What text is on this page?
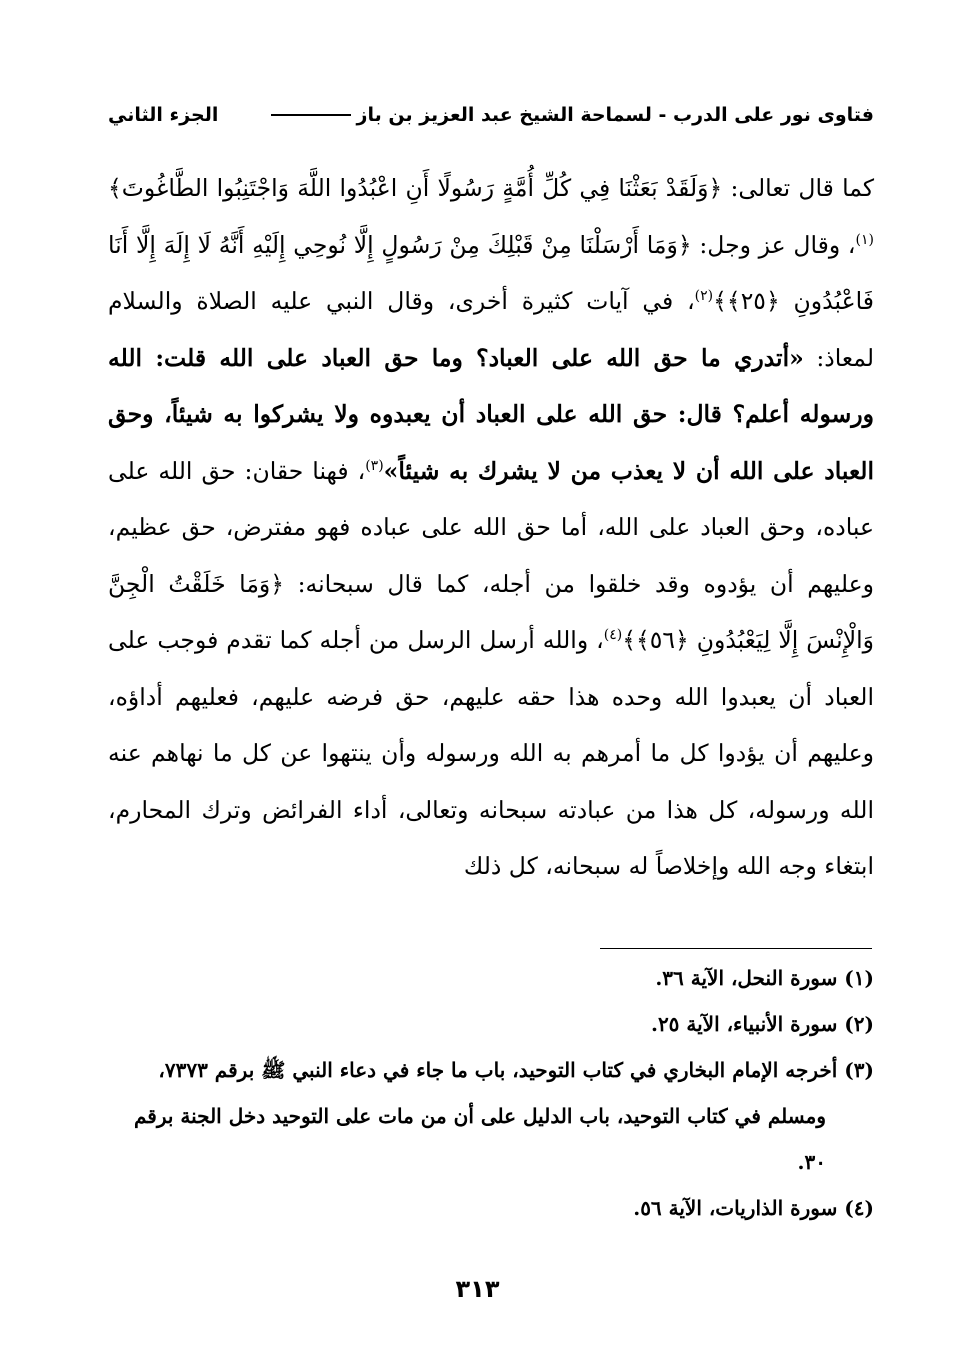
فتاوى نور على الدرب - لسماحة الشيخ عبد العزيز بن باز
الجزء الثاني

كما قال تعالى: ﴿وَلَقَدْ بَعَثْنَا فِي كُلِّ أُمَّةٍ رَسُولًا أَنِ اعْبُدُوا اللَّهَ وَاجْتَنِبُوا الطَّاغُوتَ﴾$^{(١)}$، وقال عز وجل: ﴿وَمَا أَرْسَلْنَا مِنْ قَبْلِكَ مِنْ رَسُولٍ إِلَّا نُوحِي إِلَيْهِ أَنَّهُ لَا إِلَهَ إِلَّا أَنَا فَاعْبُدُونِ ﴿٢٥﴾﴾$^{(٢)}$، في آيات كثيرة أخرى، وقال النبي عليه الصلاة والسلام لمعاذ: «أتدري ما حق الله على العباد؟ وما حق العباد على الله قلت: الله ورسوله أعلم؟ قال: حق الله على العباد أن يعبدوه ولا يشركوا به شيئاً، وحق العباد على الله أن لا يعذب من لا يشرك به شيئاً»$^{(٣)}$، فهنا حقان: حق الله على عباده، وحق العباد على الله، أما حق الله على عباده فهو مفترض، حق عظيم، وعليهم أن يؤدوه وقد خلقوا من أجله، كما قال سبحانه: ﴿وَمَا خَلَقْتُ الْجِنَّ وَالْإِنْسَ إِلَّا لِيَعْبُدُونِ ﴿٥٦﴾﴾$^{(٤)}$، والله أرسل الرسل من أجله كما تقدم فوجب على العباد أن يعبدوا الله وحده هذا حقه عليهم، حق فرضه عليهم، فعليهم أداؤه، وعليهم أن يؤدوا كل ما أمرهم به الله ورسوله وأن ينتهوا عن كل ما نهاهم عنه الله ورسوله، كل هذا من عبادته سبحانه وتعالى، أداء الفرائض وترك المحارم، ابتغاء وجه الله وإخلاصاً له سبحانه، كل ذلك

(١) سورة النحل، الآية ٣٦.

(٢) سورة الأنبياء، الآية ٢٥.

(٣) أخرجه الإمام البخاري في كتاب التوحيد، باب ما جاء في دعاء النبي ﷺ برقم ٧٣٧٣، ومسلم في كتاب التوحيد، باب الدليل على أن من مات على التوحيد دخل الجنة برقم ٣٠.

(٤) سورة الذاريات، الآية ٥٦.

٣١٣
